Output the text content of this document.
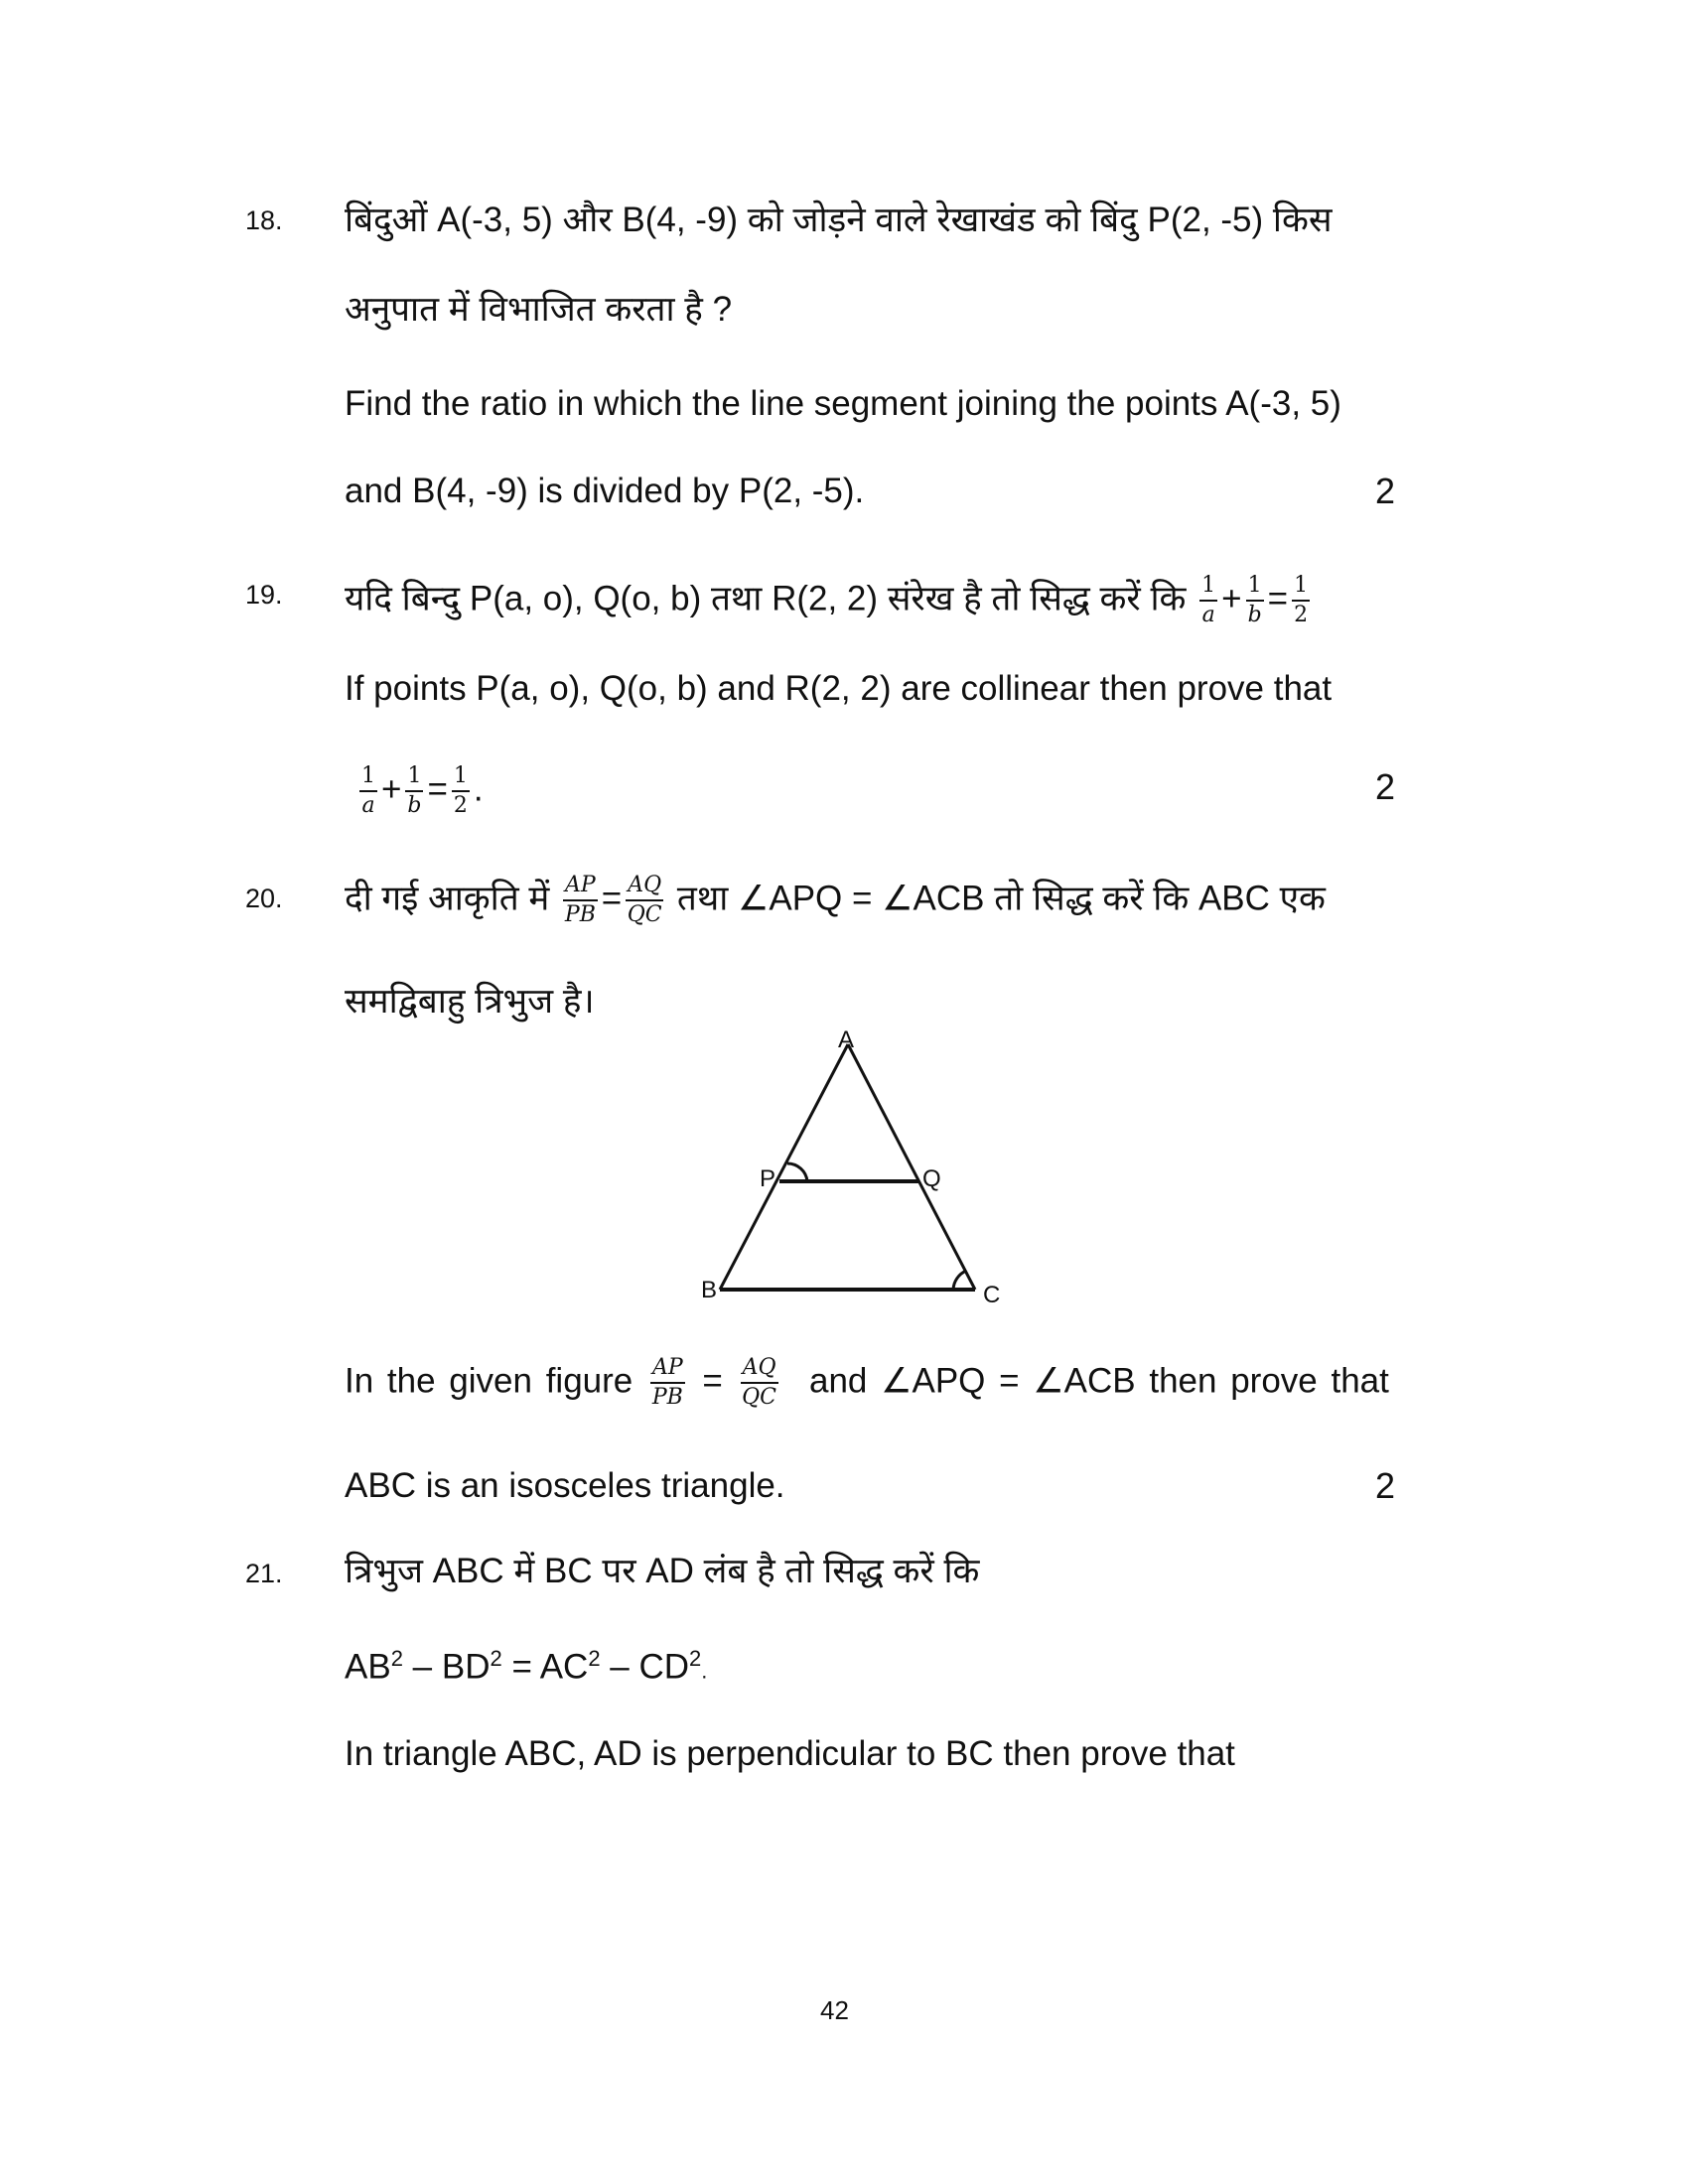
18. बिंदुओं A(-3, 5) और B(4, -9) को जोड़ने वाले रेखाखंड को बिंदु P(2, -5) किस
अनुपात में विभाजित करता है ?
Find the ratio in which the line segment joining the points A(-3, 5)
and B(4, -9) is divided by P(2, -5).	2
19. यदि बिन्दु P(a, o), Q(o, b) तथा R(2, 2) संरेख है तो सिद्ध करें कि $\frac{1}{a} + \frac{1}{b} = \frac{1}{2}$
If points P(a, o), Q(o, b) and R(2, 2) are collinear then prove that
$\frac{1}{a} + \frac{1}{b} = \frac{1}{2}$ .	2
20. दी गई आकृति में $\frac{AP}{PB} = \frac{AQ}{QC}$ तथा ∠APQ = ∠ACB तो सिद्ध करें कि ABC एक
समद्विबाहु त्रिभुज है।
A
P	Q
B	C
In the given figure $\frac{AP}{PB} = \frac{AQ}{QC}$ and ∠APQ = ∠ACB then prove that
ABC is an isosceles triangle.	2
21. त्रिभुज ABC में BC पर AD लंब है तो सिद्ध करें कि
$AB^2 - BD^2 = AC^2 - CD^2$.
In triangle ABC, AD is perpendicular to BC then prove that
42
